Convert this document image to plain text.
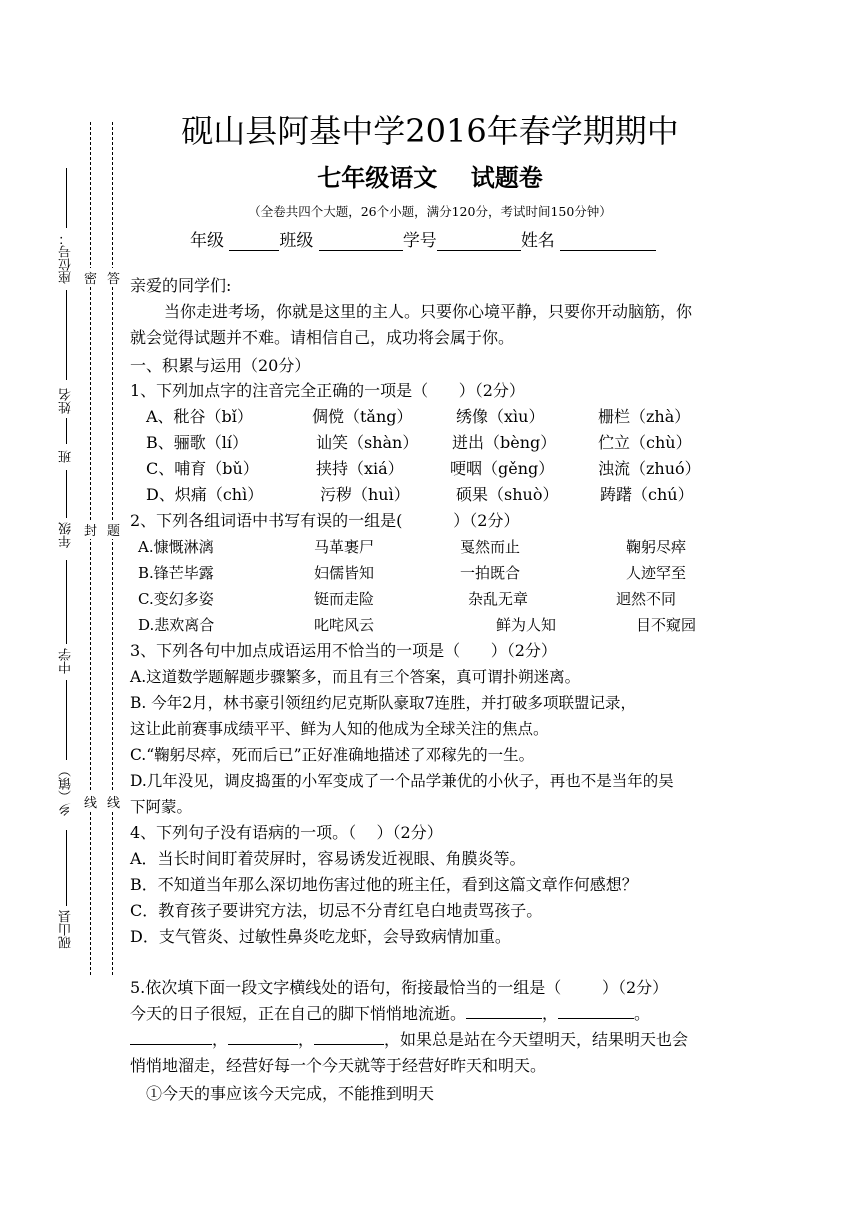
密
封
线
答
题
线
座位号：
姓名
班
年级
中学
乡（镇）
砚山县
砚山县阿基中学2016年春学期期中
七年级语文    试题卷
（全卷共四个大题，26个小题，满分120分，考试时间150分钟）
年级	班级	学号	姓名
亲爱的同学们:
当你走进考场，你就是这里的主人。只要你心境平静，只要你开动脑筋，你
就会觉得试题并不难。请相信自己，成功将会属于你。
一、积累与运用（20分）
1、下列加点字的注音完全正确的一项是（      ）（2分）
A、秕谷（bǐ）	倜傥（tǎng）	绣像（xìu）	栅栏（zhà）
B、骊歌（lí）	讪笑（shàn） 迸出（bèng）	伫立（chù）
C、哺育（bǔ）	挟持（xiá）	哽咽（gěng）	浊流（zhuó）
D、炽痛（chì）	污秽（huì）	硕果（shuò）	踌躇（chú）
2、下列各组词语中书写有误的一组是(          ）（2分）
A.慷慨淋漓	马革裹尸	戛然而止	鞠躬尽瘁
B.锋芒毕露	妇儒皆知	一拍既合	人迹罕至
C.变幻多姿	铤而走险	杂乱无章	迥然不同
D.悲欢离合	叱咤风云	鲜为人知	目不窥园
3、下列各句中加点成语运用不恰当的一项是（      ）（2分）
A.这道数学题解题步骤繁多，而且有三个答案，真可谓扑朔迷离。
B. 今年2月，林书豪引领纽约尼克斯队豪取7连胜，并打破多项联盟记录，
这让此前赛事成绩平平、鲜为人知的他成为全球关注的焦点。
C.“鞠躬尽瘁，死而后已”正好准确地描述了邓稼先的一生。
D.几年没见，调皮捣蛋的小军变成了一个品学兼优的小伙子，再也不是当年的吴
下阿蒙。
4、下列句子没有语病的一项。（    ）（2分）
A．当长时间盯着荧屏时，容易诱发近视眼、角膜炎等。
B．不知道当年那么深切地伤害过他的班主任，看到这篇文章作何感想？
C．教育孩子要讲究方法，切忌不分青红皂白地责骂孩子。
D．支气管炎、过敏性鼻炎吃龙虾，会导致病情加重。
5.依次填下面一段文字横线处的语句，衔接最恰当的一组是（        ）（2分）
今天的日子很短，正在自己的脚下悄悄地流逝。	，	。
，	，	，如果总是站在今天望明天，结果明天也会
悄悄地溜走，经营好每一个今天就等于经营好昨天和明天。
①今天的事应该今天完成，不能推到明天
